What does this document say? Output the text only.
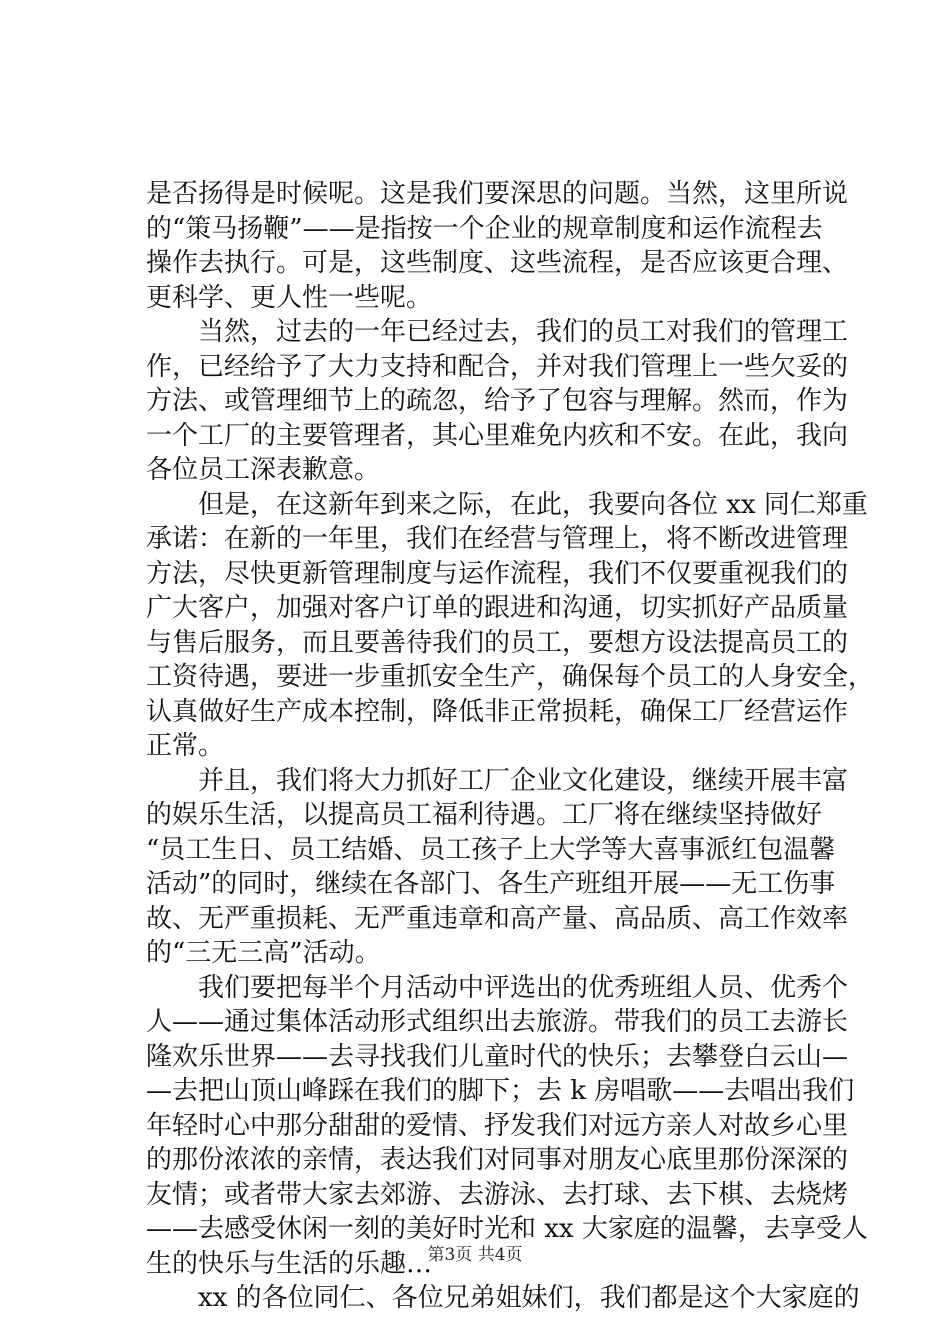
是否扬得是时候呢。这是我们要深思的问题。当然，这里所说
的“策马扬鞭”——是指按一个企业的规章制度和运作流程去
操作去执行。可是，这些制度、这些流程，是否应该更合理、
更科学、更人性一些呢。
　　当然，过去的一年已经过去，我们的员工对我们的管理工
作，已经给予了大力支持和配合，并对我们管理上一些欠妥的
方法、或管理细节上的疏忽，给予了包容与理解。然而，作为
一个工厂的主要管理者，其心里难免内疚和不安。在此，我向
各位员工深表歉意。
　　但是，在这新年到来之际，在此，我要向各位 xx 同仁郑重
承诺：在新的一年里，我们在经营与管理上，将不断改进管理
方法，尽快更新管理制度与运作流程，我们不仅要重视我们的
广大客户，加强对客户订单的跟进和沟通，切实抓好产品质量
与售后服务，而且要善待我们的员工，要想方设法提高员工的
工资待遇，要进一步重抓安全生产，确保每个员工的人身安全，
认真做好生产成本控制，降低非正常损耗，确保工厂经营运作
正常。
　　并且，我们将大力抓好工厂企业文化建设，继续开展丰富
的娱乐生活，以提高员工福利待遇。工厂将在继续坚持做好
“员工生日、员工结婚、员工孩子上大学等大喜事派红包温馨
活动”的同时，继续在各部门、各生产班组开展——无工伤事
故、无严重损耗、无严重违章和高产量、高品质、高工作效率
的“三无三高”活动。
　　我们要把每半个月活动中评选出的优秀班组人员、优秀个
人——通过集体活动形式组织出去旅游。带我们的员工去游长
隆欢乐世界——去寻找我们儿童时代的快乐；去攀登白云山—
—去把山顶山峰踩在我们的脚下；去 k 房唱歌——去唱出我们
年轻时心中那分甜甜的爱情、抒发我们对远方亲人对故乡心里
的那份浓浓的亲情，表达我们对同事对朋友心底里那份深深的
友情；或者带大家去郊游、去游泳、去打球、去下棋、去烧烤
——去感受休闲一刻的美好时光和 xx 大家庭的温馨，去享受人
生的快乐与生活的乐趣…
　　xx 的各位同仁、各位兄弟姐妹们，我们都是这个大家庭的
第3页 共4页
